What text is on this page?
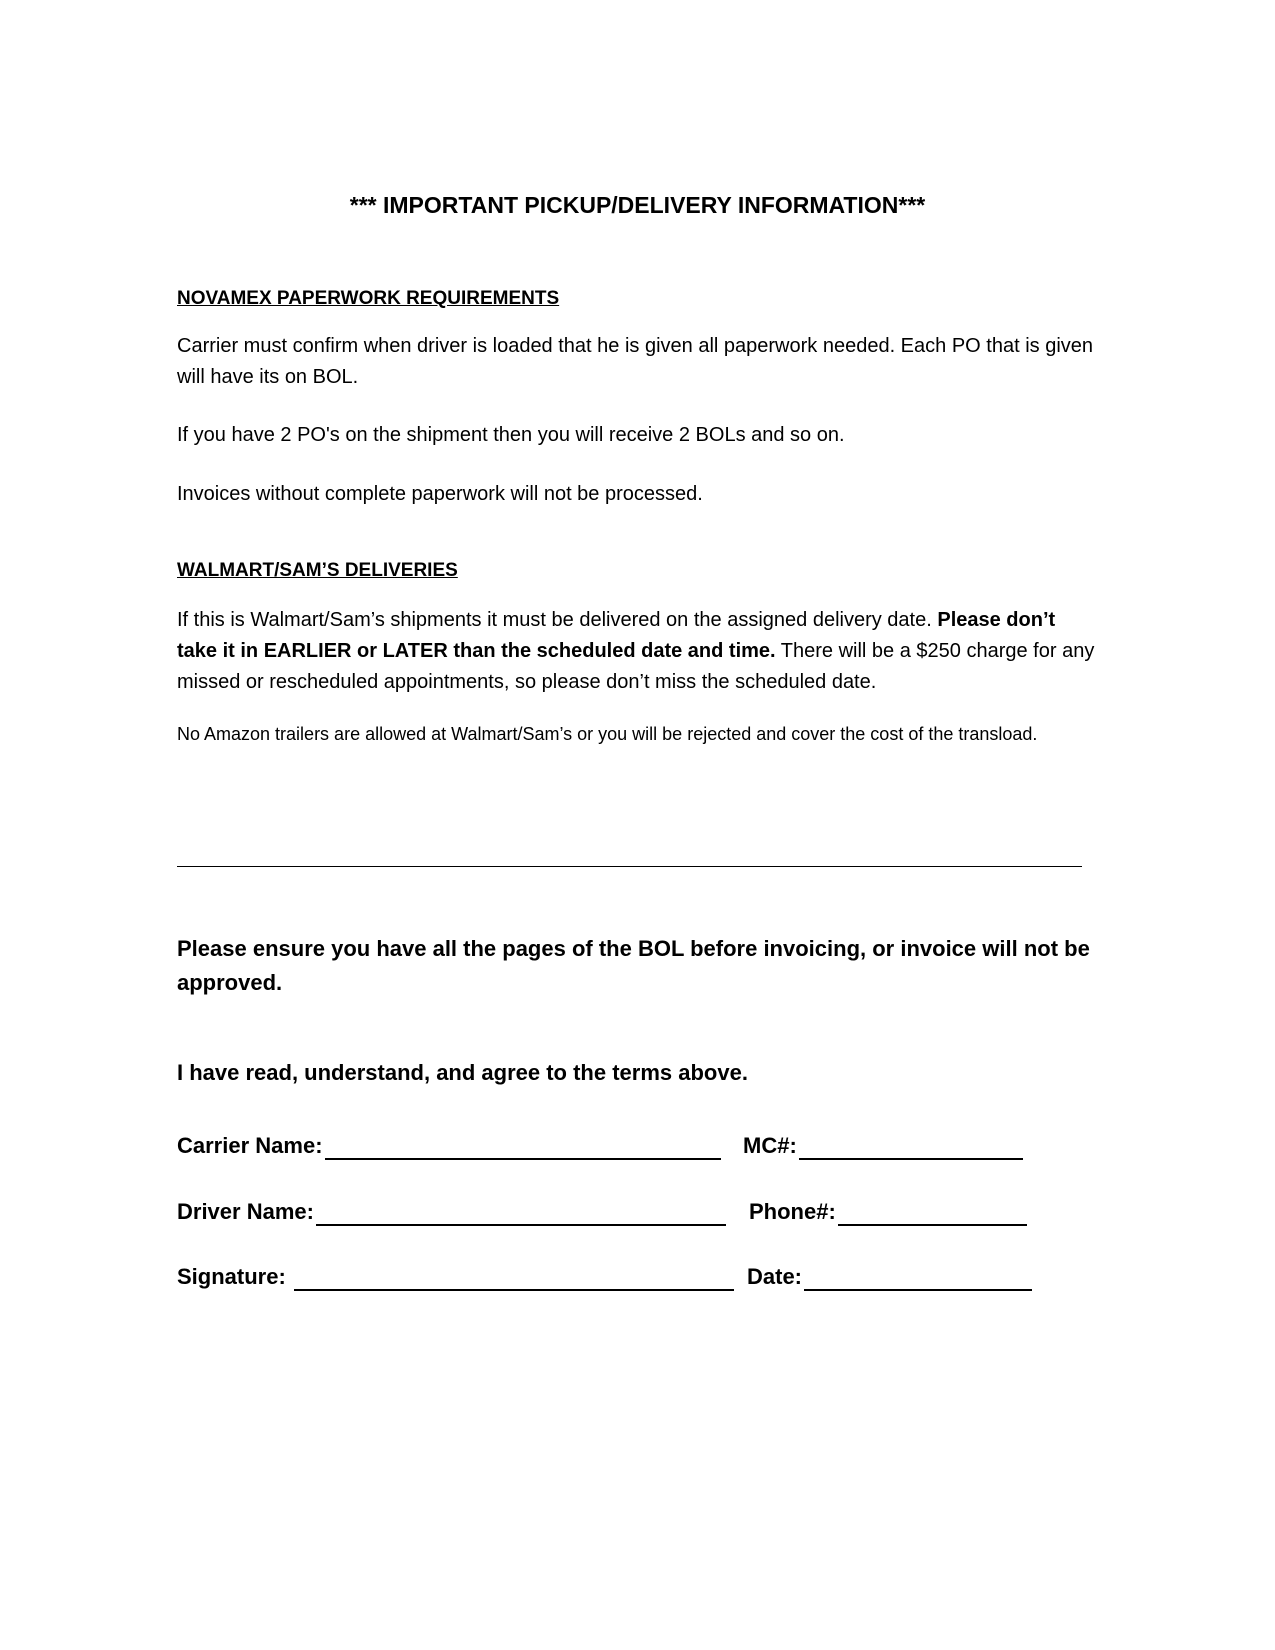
*** IMPORTANT PICKUP/DELIVERY INFORMATION***
NOVAMEX PAPERWORK REQUIREMENTS
Carrier must confirm when driver is loaded that he is given all paperwork needed. Each PO that is given will have its on BOL.
If you have 2 PO's on the shipment then you will receive 2 BOLs and so on.
Invoices without complete paperwork will not be processed.
WALMART/SAM’S DELIVERIES
If this is Walmart/Sam’s shipments it must be delivered on the assigned delivery date. Please don’t take it in EARLIER or LATER than the scheduled date and time. There will be a $250 charge for any missed or rescheduled appointments, so please don’t miss the scheduled date.
No Amazon trailers are allowed at Walmart/Sam’s or you will be rejected and cover the cost of the transload.
Please ensure you have all the pages of the BOL before invoicing, or invoice will not be approved.
I have read, understand, and agree to the terms above.
Carrier Name:	MC#:
Driver Name:	Phone#:
Signature:	Date:
